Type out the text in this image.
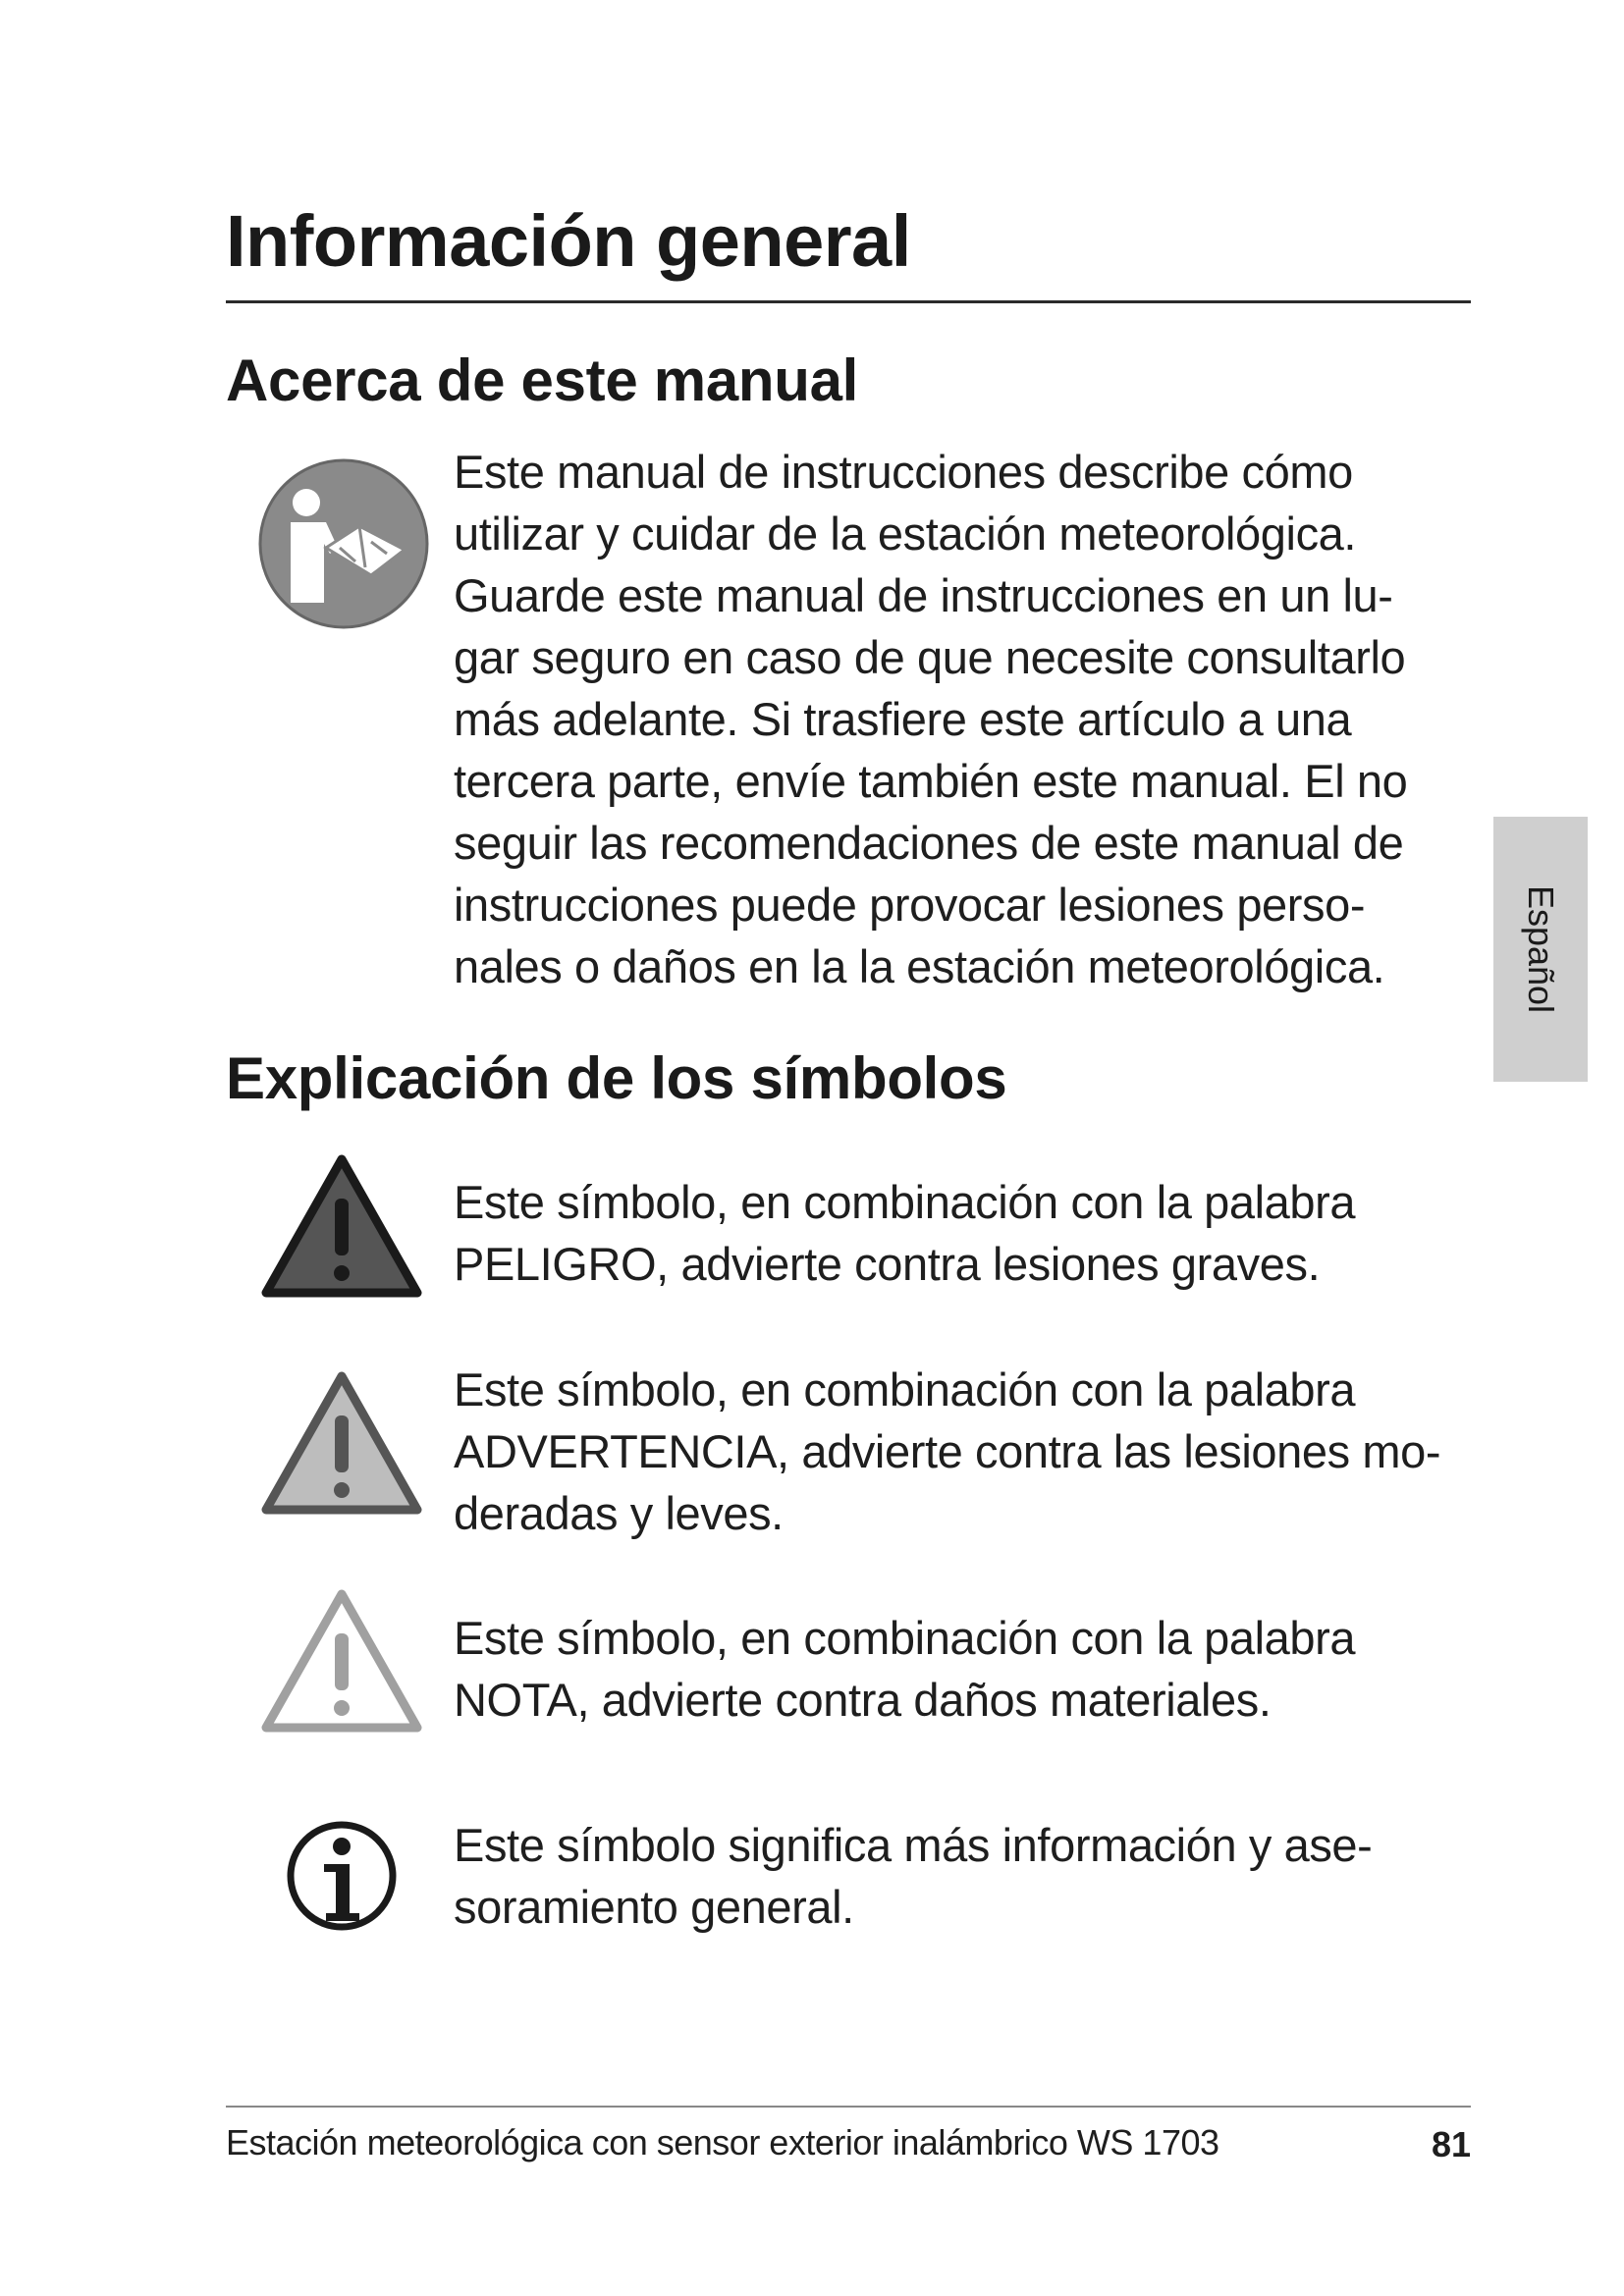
Información general
Acerca de este manual

Este manual de instrucciones describe cómo
utilizar y cuidar de la estación meteorológica.
Guarde este manual de instrucciones en un lu-
gar seguro en caso de que necesite consultarlo
más adelante. Si trasfiere este artículo a una
tercera parte, envíe también este manual. El no
seguir las recomendaciones de este manual de
instrucciones puede provocar lesiones perso-
nales o daños en la la estación meteorológica.

Explicación de los símbolos

Este símbolo, en combinación con la palabra
PELIGRO, advierte contra lesiones graves.

Este símbolo, en combinación con la palabra
ADVERTENCIA, advierte contra las lesiones mo-
deradas y leves.

Este símbolo, en combinación con la palabra
NOTA, advierte contra daños materiales.

Este símbolo significa más información y ase-
soramiento general.

Español
Estación meteorológica con sensor exterior inalámbrico WS 1703	81
